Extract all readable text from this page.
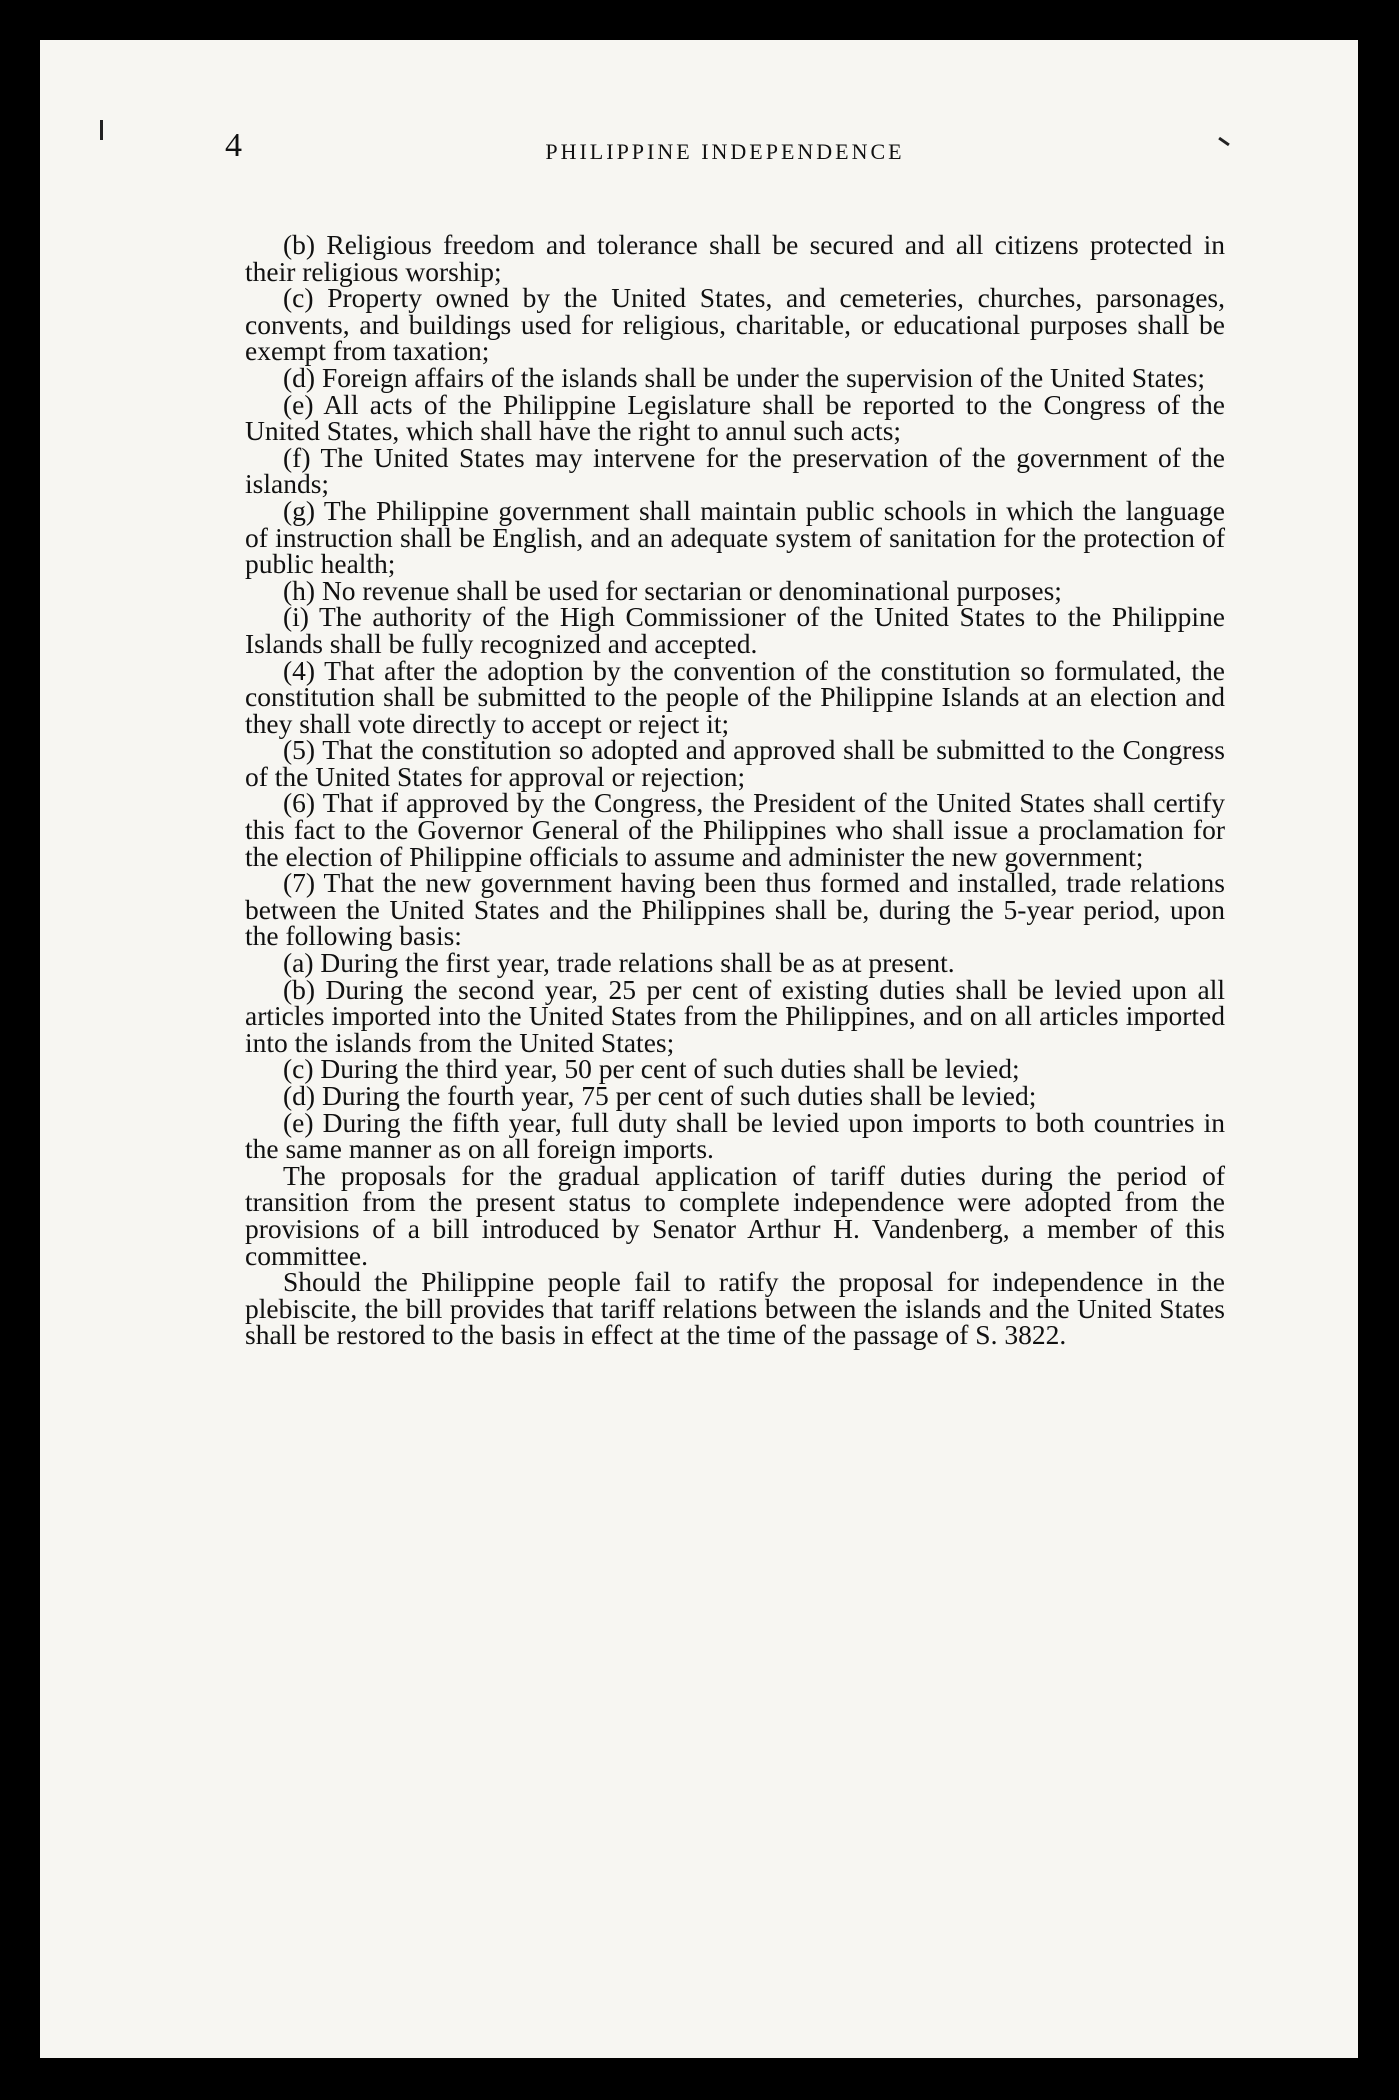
4	PHILIPPINE INDEPENDENCE

(b) Religious freedom and tolerance shall be secured and all citizens protected in their religious worship;

(c) Property owned by the United States, and cemeteries, churches, parsonages, convents, and buildings used for religious, charitable, or educational purposes shall be exempt from taxation;

(d) Foreign affairs of the islands shall be under the supervision of the United States;

(e) All acts of the Philippine Legislature shall be reported to the Congress of the United States, which shall have the right to annul such acts;

(f) The United States may intervene for the preservation of the government of the islands;

(g) The Philippine government shall maintain public schools in which the language of instruction shall be English, and an adequate system of sanitation for the protection of public health;

(h) No revenue shall be used for sectarian or denominational purposes;

(i) The authority of the High Commissioner of the United States to the Philippine Islands shall be fully recognized and accepted.

(4) That after the adoption by the convention of the constitution so formulated, the constitution shall be submitted to the people of the Philippine Islands at an election and they shall vote directly to accept or reject it;

(5) That the constitution so adopted and approved shall be submitted to the Congress of the United States for approval or rejection;

(6) That if approved by the Congress, the President of the United States shall certify this fact to the Governor General of the Philippines who shall issue a proclamation for the election of Philippine officials to assume and administer the new government;

(7) That the new government having been thus formed and installed, trade relations between the United States and the Philippines shall be, during the 5-year period, upon the following basis:

(a) During the first year, trade relations shall be as at present.

(b) During the second year, 25 per cent of existing duties shall be levied upon all articles imported into the United States from the Philippines, and on all articles imported into the islands from the United States;

(c) During the third year, 50 per cent of such duties shall be levied;

(d) During the fourth year, 75 per cent of such duties shall be levied;

(e) During the fifth year, full duty shall be levied upon imports to both countries in the same manner as on all foreign imports.

The proposals for the gradual application of tariff duties during the period of transition from the present status to complete independence were adopted from the provisions of a bill introduced by Senator Arthur H. Vandenberg, a member of this committee.

Should the Philippine people fail to ratify the proposal for independence in the plebiscite, the bill provides that tariff relations between the islands and the United States shall be restored to the basis in effect at the time of the passage of S. 3822.
